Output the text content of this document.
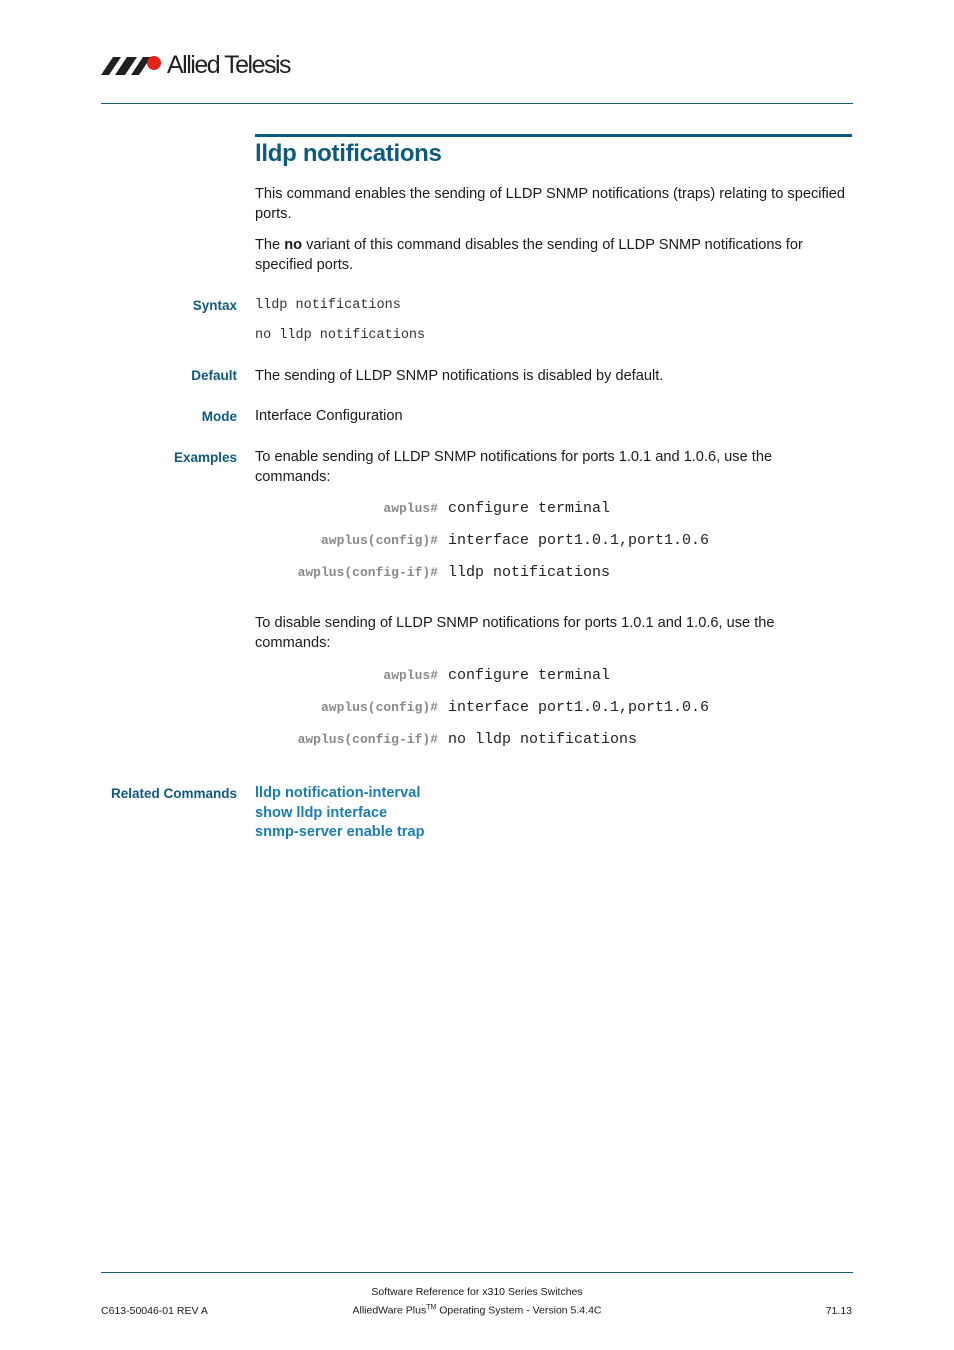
Allied Telesis
lldp notifications
This command enables the sending of LLDP SNMP notifications (traps) relating to specified ports.
The no variant of this command disables the sending of LLDP SNMP notifications for specified ports.
Syntax lldp notifications
no lldp notifications
Default The sending of LLDP SNMP notifications is disabled by default.
Mode Interface Configuration
Examples To enable sending of LLDP SNMP notifications for ports 1.0.1 and 1.0.6, use the commands:
awplus# configure terminal
awplus(config)# interface port1.0.1,port1.0.6
awplus(config-if)# lldp notifications
To disable sending of LLDP SNMP notifications for ports 1.0.1 and 1.0.6, use the commands:
awplus# configure terminal
awplus(config)# interface port1.0.1,port1.0.6
awplus(config-if)# no lldp notifications
Related Commands lldp notification-interval
show lldp interface
snmp-server enable trap
Software Reference for x310 Series Switches
AlliedWare Plus™ Operating System - Version 5.4.4C
C613-50046-01 REV A	71.13
